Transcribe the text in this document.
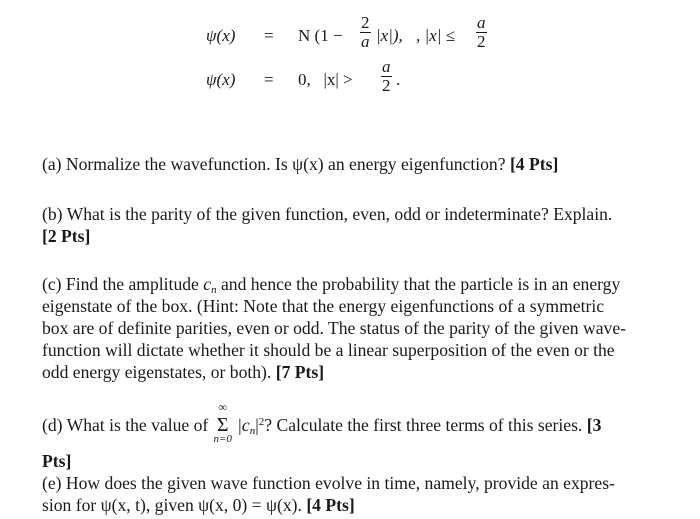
ψ(x) = N $(1 - \frac{2}{a} |x|)$, , $|x| \le \frac{a}{2}$
ψ(x) = 0,   $|x| > \frac{a}{2}$ .
(a) Normalize the wavefunction. Is ψ(x) an energy eigenfunction? [4 Pts]
(b) What is the parity of the given function, even, odd or indeterminate? Explain.
[2 Pts]
(c) Find the amplitude $c_n$ and hence the probability that the particle is in an energy
eigenstate of the box. (Hint: Note that the energy eigenfunctions of a symmetric
box are of definite parities, even or odd. The status of the parity of the given wave-
function will dictate whether it should be a linear superposition of the even or the
odd energy eigenstates, or both). [7 Pts]
(d) What is the value of
∞
Σ
n=0
$|c_n|^2$? Calculate the first three terms of this series. [3
Pts]
(e) How does the given wave function evolve in time, namely, provide an expres-
sion for ψ(x, t), given ψ(x, 0) = ψ(x). [4 Pts]
